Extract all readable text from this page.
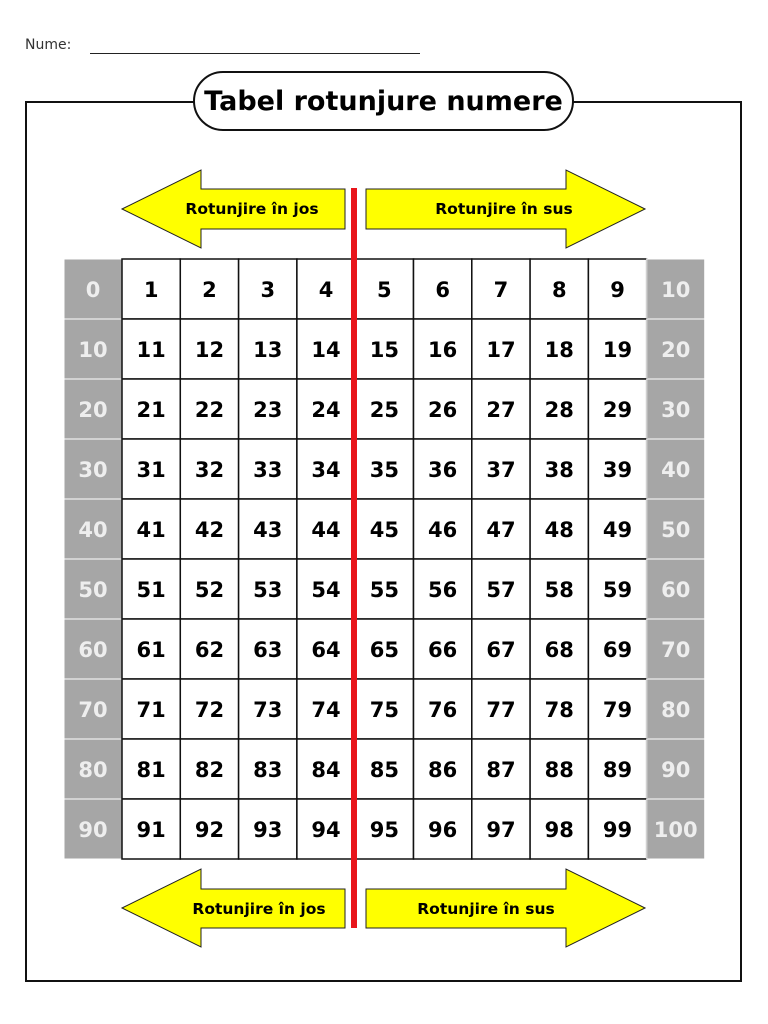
Nume:
Rotunjire în jos	Rotunjire în sus
0 1 2 3 4 5 6 7 8 9 10
10 11 12 13 14 15 16 17 18 19 20
20 21 22 23 24 25 26 27 28 29 30
30 31 32 33 34 35 36 37 38 39 40
40 41 42 43 44 45 46 47 48 49 50
50 51 52 53 54 55 56 57 58 59 60
60 61 62 63 64 65 66 67 68 69 70
70 71 72 73 74 75 76 77 78 79 80
80 81 82 83 84 85 86 87 88 89 90
90 91 92 93 94 95 96 97 98 99 100
Rotunjire în jos	Rotunjire în sus
Tabel rotunjure numere
